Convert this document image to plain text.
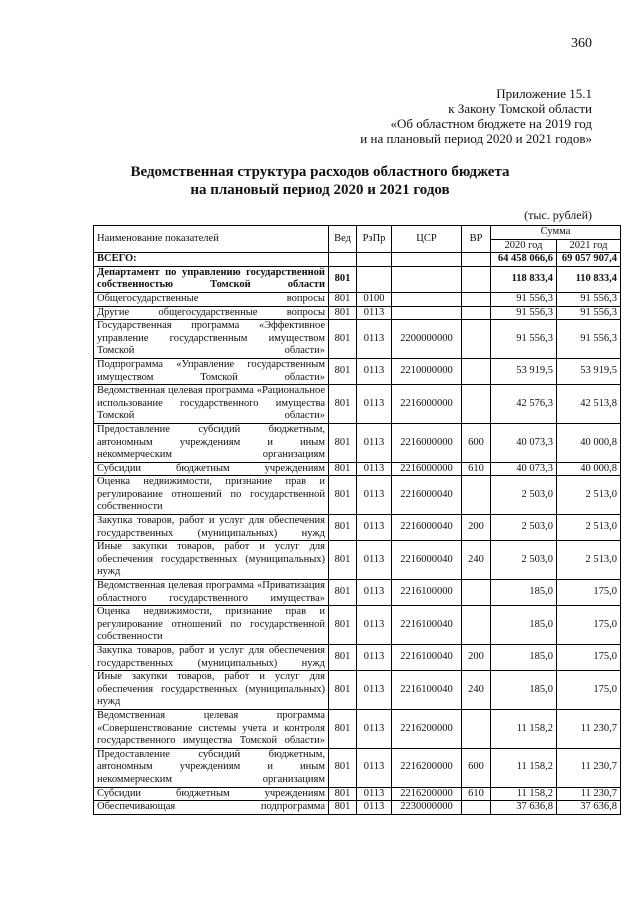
360
Приложение 15.1
к Закону Томской области
«Об областном бюджете на 2019 год
и на плановый период 2020 и 2021 годов»
Ведомственная структура расходов областного бюджета
на плановый период 2020 и 2021 годов
(тыс. рублей)
Наименование показателей	Вед	РзПр	ЦСР	ВР	Сумма	
					2020 год	2021 год
ВСЕГО:					64 458 066,6	69 057 907,4
Департамент по управлению государственной собственностью Томской области	801				118 833,4	110 833,4
Общегосударственные вопросы	801	0100			91 556,3	91 556,3
Другие общегосударственные вопросы	801	0113			91 556,3	91 556,3
Государственная программа «Эффективное управление государственным имуществом Томской области»	801	0113	2200000000		91 556,3	91 556,3
Подпрограмма «Управление государственным имуществом Томской области»	801	0113	2210000000		53 919,5	53 919,5
Ведомственная целевая программа «Рациональное использование государственного имущества Томской области»	801	0113	2216000000		42 576,3	42 513,8
Предоставление субсидий бюджетным, автономным учреждениям и иным некоммерческим организациям	801	0113	2216000000	600	40 073,3	40 000,8
Субсидии бюджетным учреждениям	801	0113	2216000000	610	40 073,3	40 000,8
Оценка недвижимости, признание прав и регулирование отношений по государственной собственности	801	0113	2216000040		2 503,0	2 513,0
Закупка товаров, работ и услуг для обеспечения государственных (муниципальных) нужд	801	0113	2216000040	200	2 503,0	2 513,0
Иные закупки товаров, работ и услуг для обеспечения государственных (муниципальных) нужд	801	0113	2216000040	240	2 503,0	2 513,0
Ведомственная целевая программа «Приватизация областного государственного имущества»	801	0113	2216100000		185,0	175,0
Оценка недвижимости, признание прав и регулирование отношений по государственной собственности	801	0113	2216100040		185,0	175,0
Закупка товаров, работ и услуг для обеспечения государственных (муниципальных) нужд	801	0113	2216100040	200	185,0	175,0
Иные закупки товаров, работ и услуг для обеспечения государственных (муниципальных) нужд	801	0113	2216100040	240	185,0	175,0
Ведомственная целевая программа «Совершенствование системы учета и контроля государственного имущества Томской области»	801	0113	2216200000		11 158,2	11 230,7
Предоставление субсидий бюджетным, автономным учреждениям и иным некоммерческим организациям	801	0113	2216200000	600	11 158,2	11 230,7
Субсидии бюджетным учреждениям	801	0113	2216200000	610	11 158,2	11 230,7
Обеспечивающая подпрограмма	801	0113	2230000000		37 636,8	37 636,8
